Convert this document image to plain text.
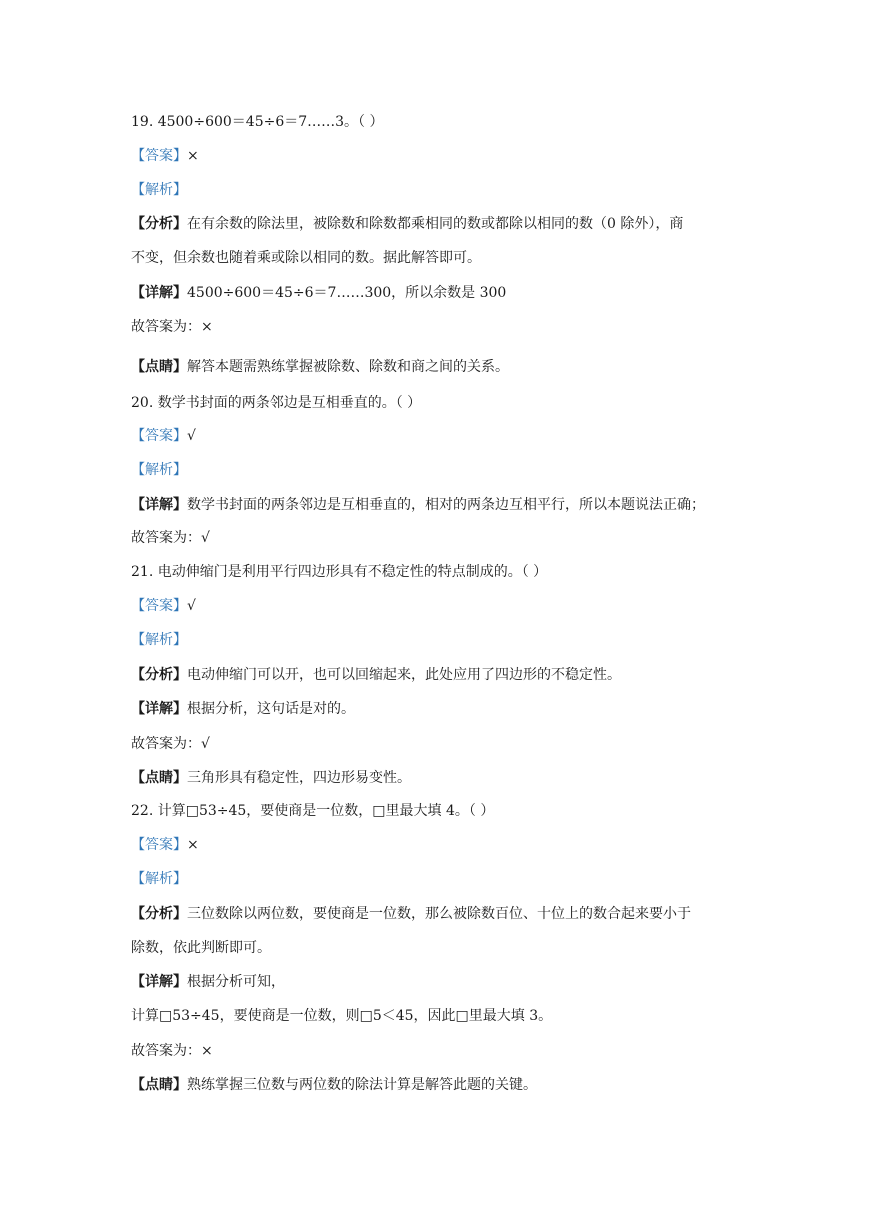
19. 4500÷600＝45÷6＝7……3。（ ）
【答案】×
【解析】
【分析】在有余数的除法里，被除数和除数都乘相同的数或都除以相同的数（0 除外），商
不变，但余数也随着乘或除以相同的数。据此解答即可。
【详解】4500÷600＝45÷6＝7……300，所以余数是 300
故答案为：×
【点睛】解答本题需熟练掌握被除数、除数和商之间的关系。
20. 数学书封面的两条邻边是互相垂直的。（ ）
【答案】√
【解析】
【详解】数学书封面的两条邻边是互相垂直的，相对的两条边互相平行，所以本题说法正确；
故答案为：√
21. 电动伸缩门是利用平行四边形具有不稳定性的特点制成的。（ ）
【答案】√
【解析】
【分析】电动伸缩门可以开，也可以回缩起来，此处应用了四边形的不稳定性。
【详解】根据分析，这句话是对的。
故答案为：√
【点睛】三角形具有稳定性，四边形易变性。
22. 计算□53÷45，要使商是一位数，□里最大填 4。（ ）
【答案】×
【解析】
【分析】三位数除以两位数，要使商是一位数，那么被除数百位、十位上的数合起来要小于
除数，依此判断即可。
【详解】根据分析可知，
计算□53÷45，要使商是一位数，则□5＜45，因此□里最大填 3。
故答案为：×
【点睛】熟练掌握三位数与两位数的除法计算是解答此题的关键。
